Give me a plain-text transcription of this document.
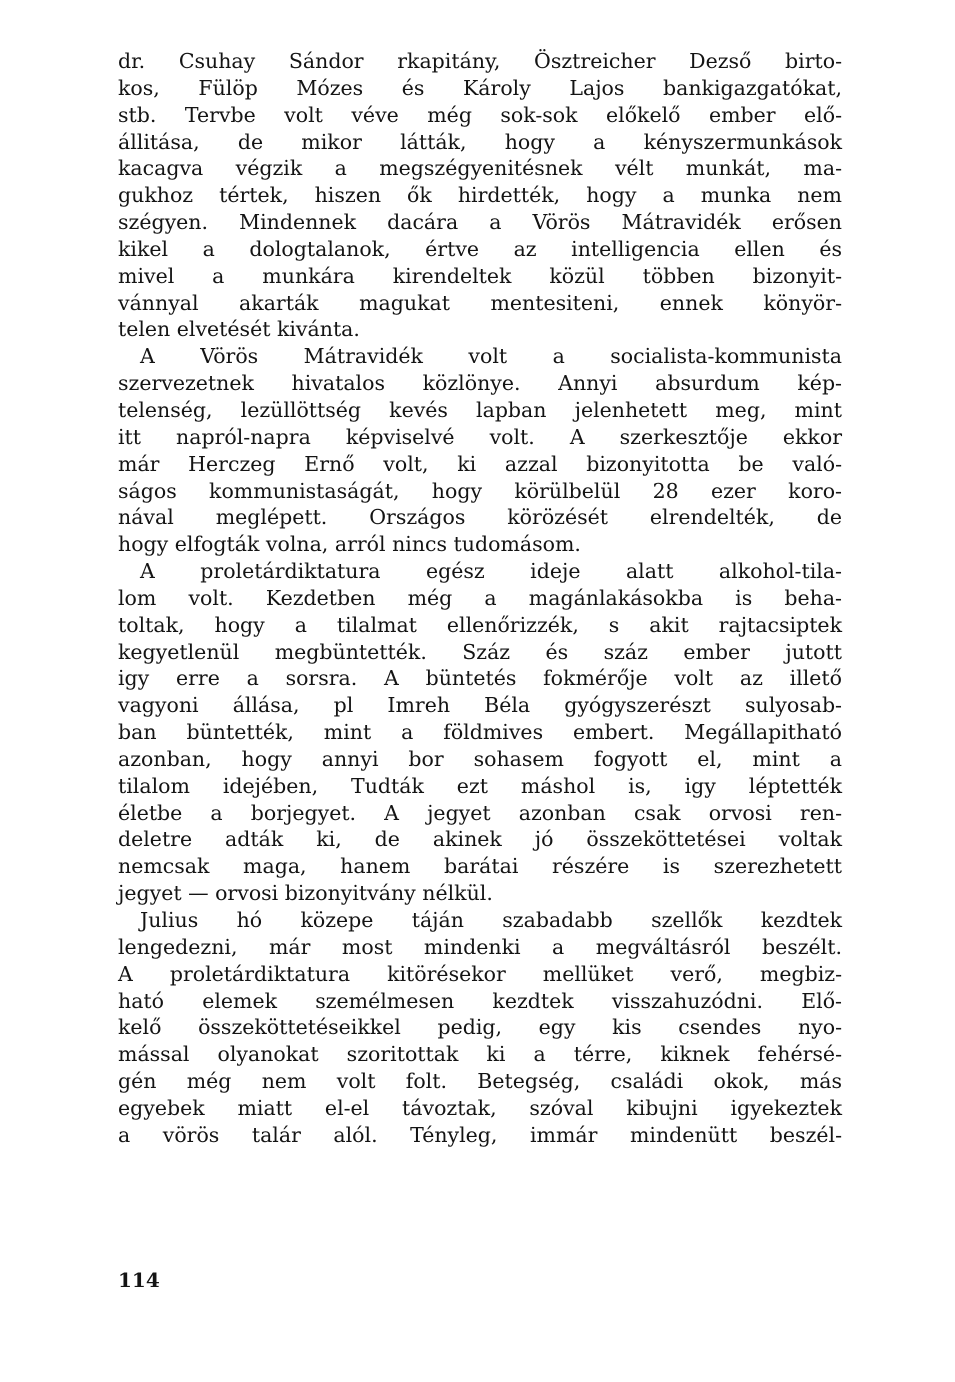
dr. Csuhay Sándor rkapitány, Ösztreicher Dezső birto-
kos, Fülöp Mózes és Károly Lajos bankigazgatókat,
stb. Tervbe volt véve még sok-sok előkelő ember elő-
állitása, de mikor látták, hogy a kényszermunkások
kacagva végzik a megszégyenitésnek vélt munkát, ma-
gukhoz tértek, hiszen ők hirdették, hogy a munka nem
szégyen. Mindennek dacára a Vörös Mátravidék erősen
kikel a dologtalanok, értve az intelligencia ellen és
mivel a munkára kirendeltek közül többen bizonyit-
vánnyal akarták magukat mentesiteni, ennek könyör-
telen elvetését kivánta.
A Vörös Mátravidék volt a socialista-kommunista
szervezetnek hivatalos közlönye. Annyi absurdum kép-
telenség, lezüllöttség kevés lapban jelenhetett meg, mint
itt napról-napra képviselvé volt. A szerkesztője ekkor
már Herczeg Ernő volt, ki azzal bizonyitotta be való-
ságos kommunistaságát, hogy körülbelül 28 ezer koro-
nával meglépett. Országos körözését elrendelték, de
hogy elfogták volna, arról nincs tudomásom.
A proletárdiktatura egész ideje alatt alkohol-tila-
lom volt. Kezdetben még a magánlakásokba is beha-
toltak, hogy a tilalmat ellenőrizzék, s akit rajtacsiptek
kegyetlenül megbüntették. Száz és száz ember jutott
igy erre a sorsra. A büntetés fokmérője volt az illető
vagyoni állása, pl Imreh Béla gyógyszerészt sulyosab-
ban büntették, mint a földmives embert. Megállapitható
azonban, hogy annyi bor sohasem fogyott el, mint a
tilalom idejében, Tudták ezt máshol is, igy léptették
életbe a borjegyet. A jegyet azonban csak orvosi ren-
deletre adták ki, de akinek jó összeköttetései voltak
nemcsak maga, hanem barátai részére is szerezhetett
jegyet — orvosi bizonyitvány nélkül.
Julius hó közepe táján szabadabb szellők kezdtek
lengedezni, már most mindenki a megváltásról beszélt.
A proletárdiktatura kitörésekor mellüket verő, megbiz-
ható elemek személmesen kezdtek visszahuzódni. Elő-
kelő összeköttetéseikkel pedig, egy kis csendes nyo-
mással olyanokat szoritottak ki a térre, kiknek fehérsé-
gén még nem volt folt. Betegség, családi okok, más
egyebek miatt el-el távoztak, szóval kibujni igyekeztek
a vörös talár alól. Tényleg, immár mindenütt beszél-
114
